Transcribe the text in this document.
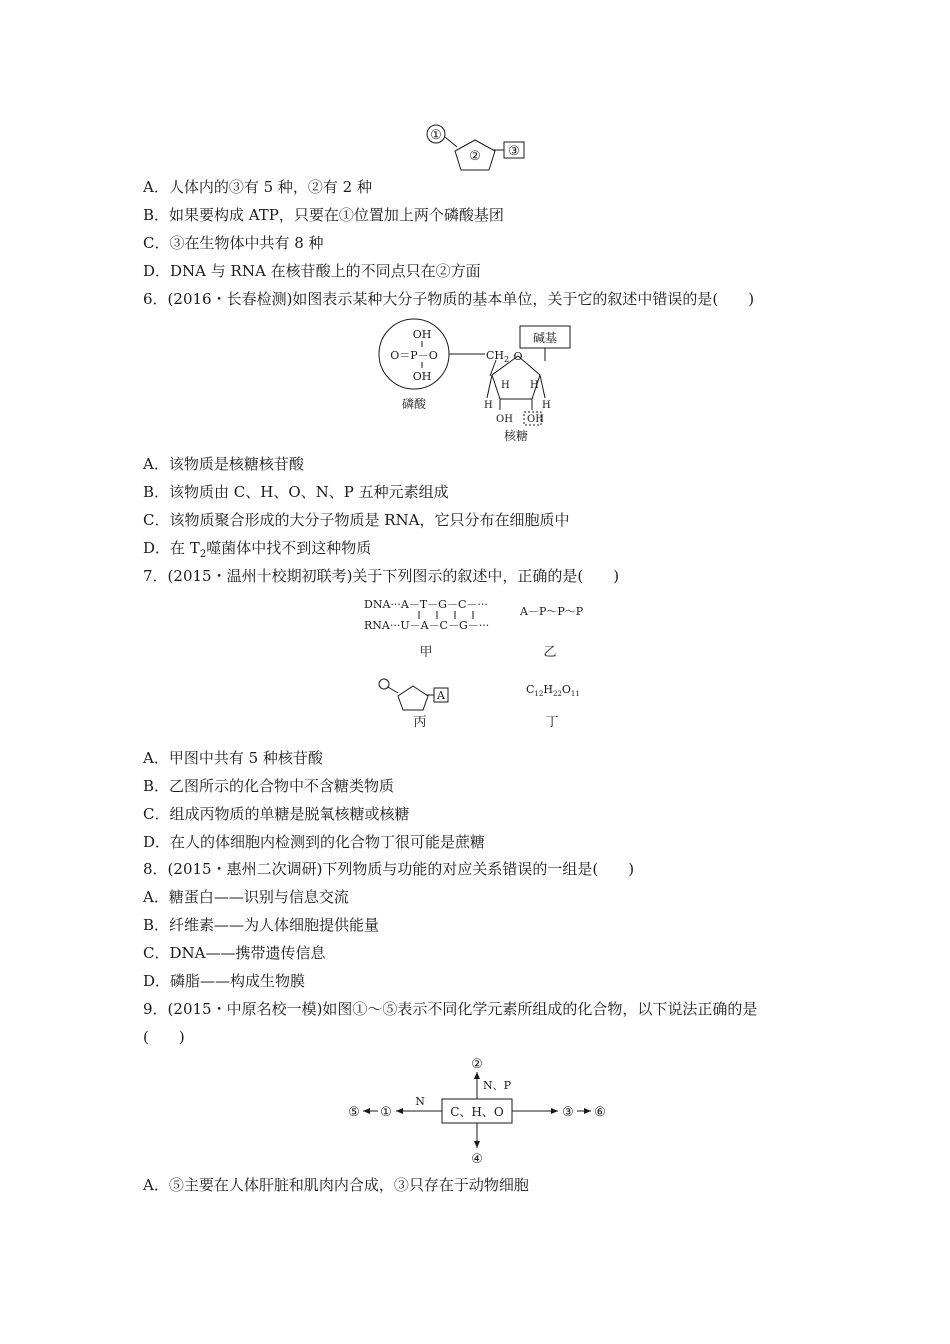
①
② ③
A．人体内的③有 5 种，②有 2 种
B．如果要构成 ATP，只要在①位置加上两个磷酸基团
C．③在生物体中共有 8 种
D．DNA 与 RNA 在核苷酸上的不同点只在②方面
6．(2016・长春检测)如图表示某种大分子物质的基本单位，关于它的叙述中错误的是(　　)
OH
O＝P－O
OH
磷酸
$CH_2$
碱基
O
H H
H	H
OH OH
核糖
A．该物质是核糖核苷酸
B．该物质由 C、H、O、N、P 五种元素组成
C．该物质聚合形成的大分子物质是 RNA，它只分布在细胞质中
D．在 $T_2$噬菌体中找不到这种物质
7．(2015・温州十校期初联考)关于下列图示的叙述中，正确的是(　　)
DNA···A－T－G－C－···
RNA···U－A－C－G－···
甲
A－P～P～P
乙
A
丙
$C_{12}H_{22}O_{11}$
丁
A．甲图中共有 5 种核苷酸
B．乙图所示的化合物中不含糖类物质
C．组成丙物质的单糖是脱氧核糖或核糖
D．在人的体细胞内检测到的化合物丁很可能是蔗糖
8．(2015・惠州二次调研)下列物质与功能的对应关系错误的一组是(　　)
A．糖蛋白——识别与信息交流
B．纤维素——为人体细胞提供能量
C．DNA——携带遗传信息
D．磷脂——构成生物膜
9．(2015・中原名校一模)如图①～⑤表示不同化学元素所组成的化合物，以下说法正确的是
(　　)
C、H、O
②
N、P
⑤ ①
N
③ ⑥
④
A．⑤主要在人体肝脏和肌肉内合成，③只存在于动物细胞
